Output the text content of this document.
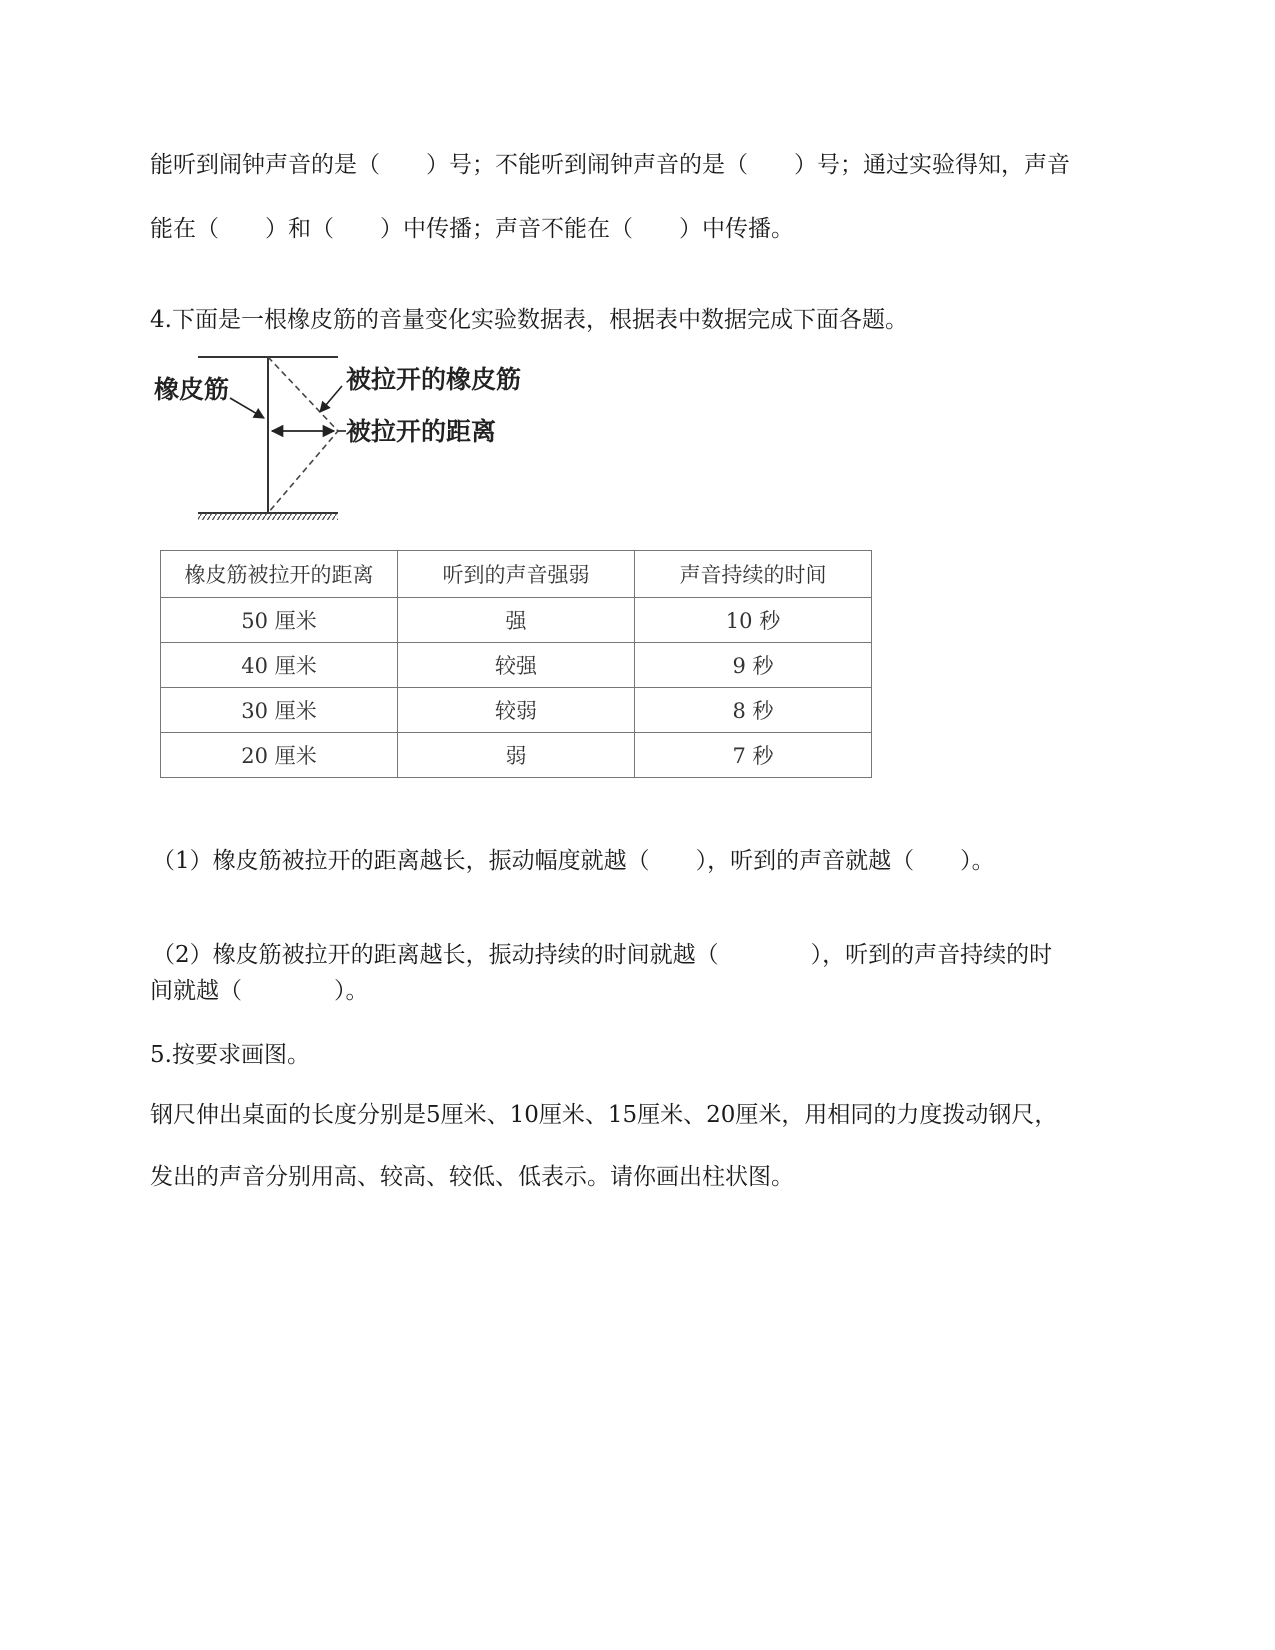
能听到闹钟声音的是（　　）号；不能听到闹钟声音的是（　　）号；通过实验得知，声音

能在（　　）和（　　）中传播；声音不能在（　　）中传播。

4.下面是一根橡皮筋的音量变化实验数据表，根据表中数据完成下面各题。

橡皮筋	被拉开的橡皮筋
被拉开的距离
橡皮筋被拉开的距离	听到的声音强弱	声音持续的时间
50 厘米	强	10 秒
40 厘米	较强	9 秒
30 厘米	较弱	8 秒
20 厘米	弱	7 秒

（1）橡皮筋被拉开的距离越长，振动幅度就越（　　），听到的声音就越（　　）。

（2）橡皮筋被拉开的距离越长，振动持续的时间就越（　　　　），听到的声音持续的时

间就越（　　　　）。

5.按要求画图。

钢尺伸出桌面的长度分别是5厘米、10厘米、15厘米、20厘米，用相同的力度拨动钢尺，

发出的声音分别用高、较高、较低、低表示。请你画出柱状图。
